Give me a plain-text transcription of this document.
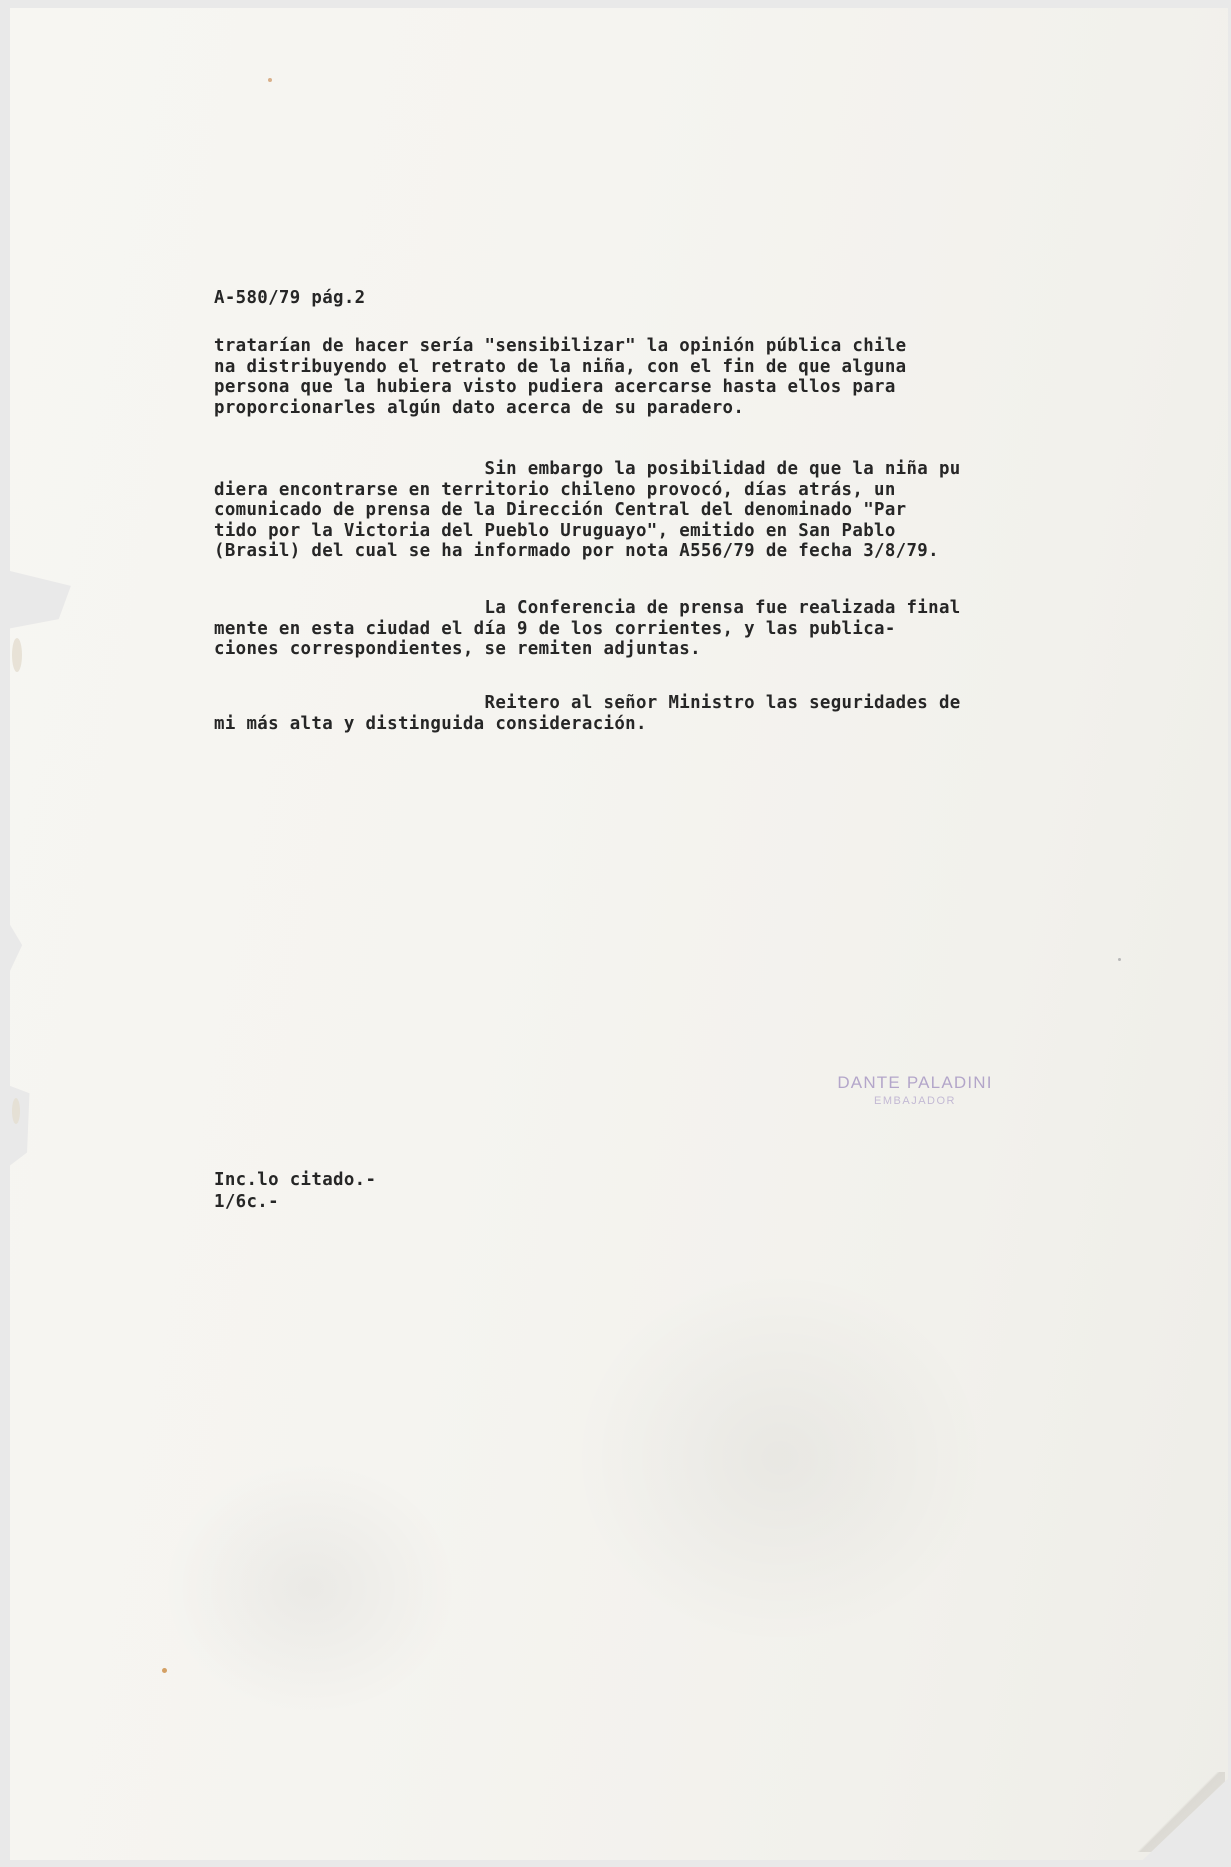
A-580/79 pág.2

tratarían de hacer sería "sensibilizar" la opinión pública chile
na distribuyendo el retrato de la niña, con el fin de que alguna
persona que la hubiera visto pudiera acercarse hasta ellos para
proporcionarles algún dato acerca de su paradero.

Sin embargo la posibilidad de que la niña pu
diera encontrarse en territorio chileno provocó, días atrás, un
comunicado de prensa de la Dirección Central del denominado "Par
tido por la Victoria del Pueblo Uruguayo", emitido en San Pablo
(Brasil) del cual se ha informado por nota A556/79 de fecha 3/8/79.

La Conferencia de prensa fue realizada final
mente en esta ciudad el día 9 de los corrientes, y las publica-
ciones correspondientes, se remiten adjuntas.

Reitero al señor Ministro las seguridades de
mi más alta y distinguida consideración.

DANTE PALADINI
EMBAJADOR

Inc.lo citado.-
1/6c.-
